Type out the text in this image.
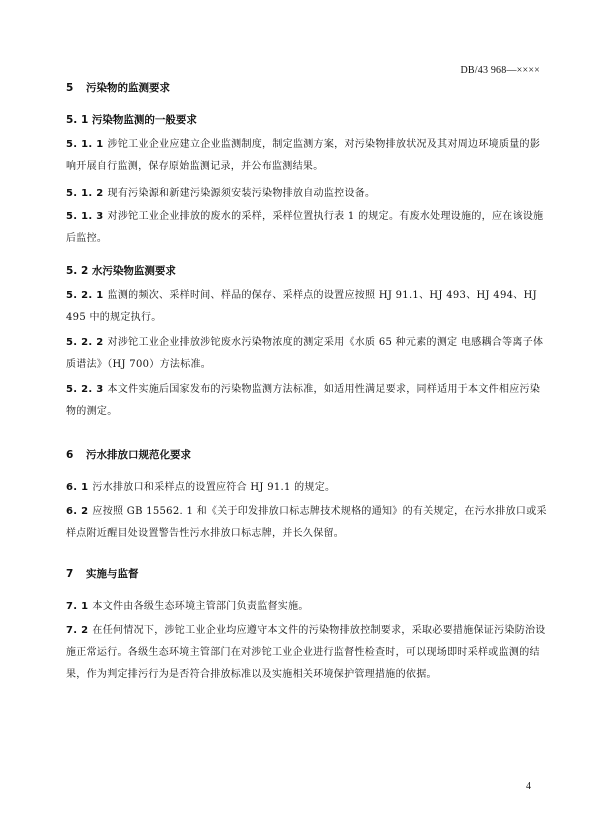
DB/43 968—××××
5 污染物的监测要求
5. 1 污染物监测的一般要求
5. 1. 1 涉铊工业企业应建立企业监测制度，制定监测方案，对污染物排放状况及其对周边环境质量的影响开展自行监测，保存原始监测记录，并公布监测结果。
5. 1. 2 现有污染源和新建污染源须安装污染物排放自动监控设备。
5. 1. 3 对涉铊工业企业排放的废水的采样，采样位置执行表 1 的规定。有废水处理设施的，应在该设施后监控。
5. 2 水污染物监测要求
5. 2. 1 监测的频次、采样时间、样品的保存、采样点的设置应按照 HJ 91.1、HJ 493、HJ 494、HJ 495 中的规定执行。
5. 2. 2 对涉铊工业企业排放涉铊废水污染物浓度的测定采用《水质 65 种元素的测定 电感耦合等离子体质谱法》（HJ 700）方法标准。
5. 2. 3 本文件实施后国家发布的污染物监测方法标准，如适用性满足要求，同样适用于本文件相应污染物的测定。
6 污水排放口规范化要求
6. 1 污水排放口和采样点的设置应符合 HJ 91.1 的规定。
6. 2 应按照 GB 15562. 1 和《关于印发排放口标志牌技术规格的通知》的有关规定，在污水排放口或采样点附近醒目处设置警告性污水排放口标志牌，并长久保留。
7 实施与监督
7. 1 本文件由各级生态环境主管部门负责监督实施。
7. 2 在任何情况下，涉铊工业企业均应遵守本文件的污染物排放控制要求，采取必要措施保证污染防治设施正常运行。各级生态环境主管部门在对涉铊工业企业进行监督性检查时，可以现场即时采样或监测的结果，作为判定排污行为是否符合排放标准以及实施相关环境保护管理措施的依据。
4
